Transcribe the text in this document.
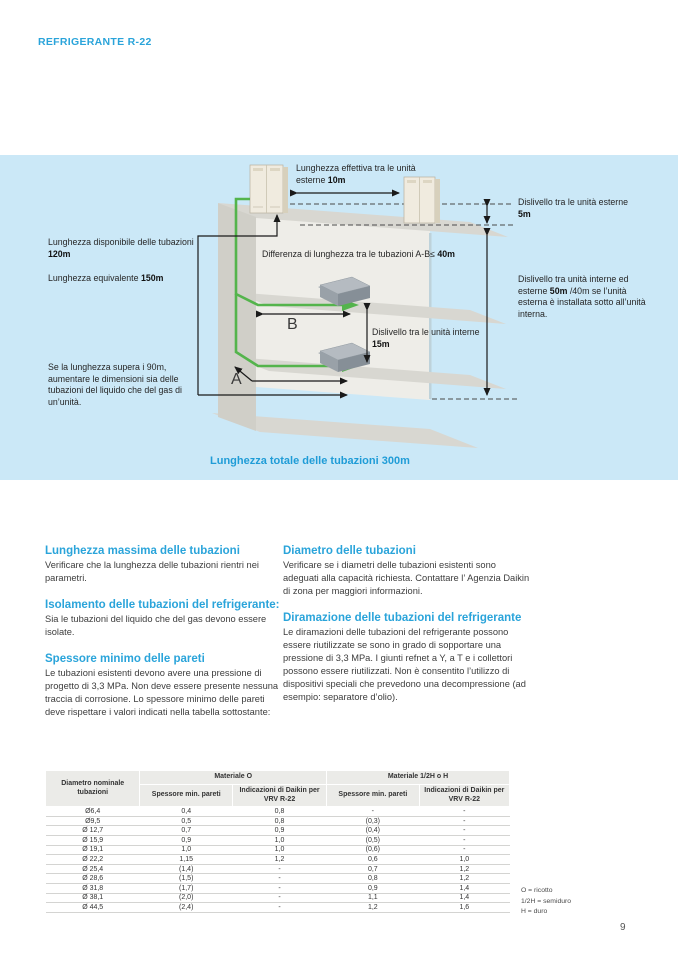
REFRIGERANTE R-22
Lunghezza effettiva tra le unità esterne 10m
Lunghezza disponibile delle tubazioni 120m
Lunghezza equivalente 150m
Differenza di lunghezza tra le tubazioni A-B≤ 40m
Dislivello tra le unità esterne 5m
Dislivello tra unità interne ed esterne 50m /40m se l’unità esterna è installata sotto all’unità interna.
Dislivello tra le unità interne 15m
Se la lunghezza supera i 90m, aumentare le dimensioni sia delle tubazioni del liquido che del gas di un’unità.
B
A
Lunghezza totale delle tubazioni 300m
Lunghezza massima delle tubazioni

Verificare che la lunghezza delle tubazioni rientri nei parametri.

Isolamento delle tubazioni del refrigerante:

Sia le tubazioni del liquido che del gas devono essere isolate.

Spessore minimo delle pareti

Le tubazioni esistenti devono avere una pressione di progetto di 3,3 MPa. Non deve essere presente nessuna traccia di corrosione. Lo spessore minimo delle pareti deve rispettare i valori indicati nella tabella sottostante:

Diametro delle tubazioni

Verificare se i diametri delle tubazioni esistenti sono adeguati alla capacità richiesta. Contattare l’ Agenzia Daikin di zona per maggiori informazioni.

Diramazione delle tubazioni del refrigerante

Le diramazioni delle tubazioni del refrigerante possono essere riutilizzate se sono in grado di sopportare una pressione di 3,3 MPa. I giunti refnet a Y, a T e i collettori possono essere riutilizzati. Non è consentito l’utilizzo di dispositivi speciali che prevedono una decompressione (ad esempio: separatore d’olio).

Diametro nominale tubazioni	Materiale O		Materiale 1/2H o H	
	Spessore min. pareti	Indicazioni di Daikin per VRV R-22	Spessore min. pareti	Indicazioni di Daikin per VRV R-22
Ø6,4	0,4	0,8	-	-
Ø9,5	0,5	0,8	(0,3)	-
Ø 12,7	0,7	0,9	(0,4)	-
Ø 15,9	0,9	1,0	(0,5)	-
Ø 19,1	1,0	1,0	(0,6)	-
Ø 22,2	1,15	1,2	0,6	1,0
Ø 25,4	(1,4)	-	0,7	1,2
Ø 28,6	(1,5)	-	0,8	1,2
Ø 31,8	(1,7)	-	0,9	1,4
Ø 38,1	(2,0)	-	1,1	1,4
Ø 44,5	(2,4)	-	1,2	1,6
O = ricotto
1/2H = semiduro
H = duro
9
